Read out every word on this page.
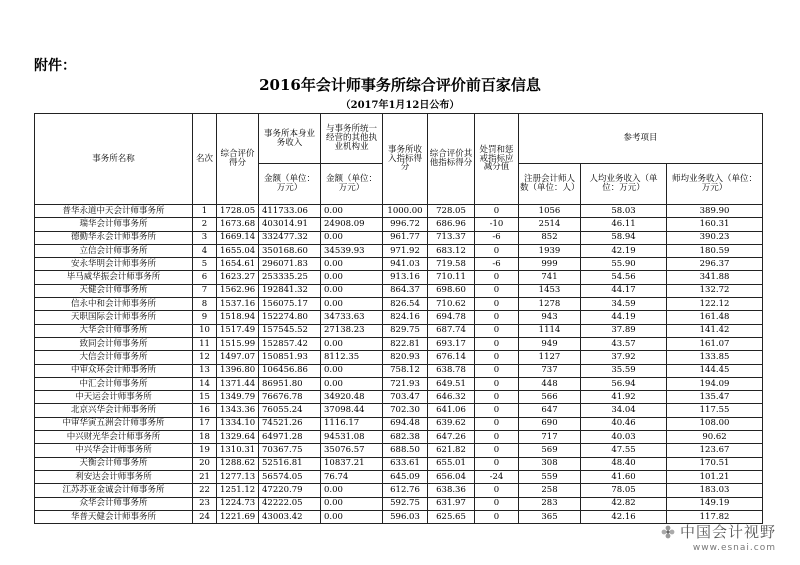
附件：
2016年会计师事务所综合评价前百家信息
（2017年1月12日公布）
事务所名称	名次	综合评价得分	事务所本身业务收入	与事务所统一经营的其他执业机构业	事务所收入指标得分	综合评价其他指标得分	处罚和惩戒指标应减分值	参考项目		
			金额（单位：万元）	金额（单位：万元）				注册会计师人数（单位：人）	人均业务收入（单位：万元）	师均业务收入（单位：万元）
普华永道中天会计师事务所	1	1728.05	411733.06	0.00	1000.00	728.05	0	1056	58.03	389.90
瑞华会计师事务所	2	1673.68	403014.91	24908.09	996.72	686.96	-10	2514	46.11	160.31
德勤华永会计师事务所	3	1669.14	332477.32	0.00	961.77	713.37	-6	852	58.94	390.23
立信会计师事务所	4	1655.04	350168.60	34539.93	971.92	683.12	0	1939	42.19	180.59
安永华明会计师事务所	5	1654.61	296071.83	0.00	941.03	719.58	-6	999	55.90	296.37
毕马威华振会计师事务所	6	1623.27	253335.25	0.00	913.16	710.11	0	741	54.56	341.88
天健会计师事务所	7	1562.96	192841.32	0.00	864.37	698.60	0	1453	44.17	132.72
信永中和会计师事务所	8	1537.16	156075.17	0.00	826.54	710.62	0	1278	34.59	122.12
天职国际会计师事务所	9	1518.94	152274.80	34733.63	824.16	694.78	0	943	44.19	161.48
大华会计师事务所	10	1517.49	157545.52	27138.23	829.75	687.74	0	1114	37.89	141.42
致同会计师事务所	11	1515.99	152857.42	0.00	822.81	693.17	0	949	43.57	161.07
大信会计师事务所	12	1497.07	150851.93	8112.35	820.93	676.14	0	1127	37.92	133.85
中审众环会计师事务所	13	1396.80	106456.86	0.00	758.12	638.78	0	737	35.59	144.45
中汇会计师事务所	14	1371.44	86951.80	0.00	721.93	649.51	0	448	56.94	194.09
中天运会计师事务所	15	1349.79	76676.78	34920.48	703.47	646.32	0	566	41.92	135.47
北京兴华会计师事务所	16	1343.36	76055.24	37098.44	702.30	641.06	0	647	34.04	117.55
中审华寅五洲会计师事务所	17	1334.10	74521.26	1116.17	694.48	639.62	0	690	40.46	108.00
中兴财光华会计师事务所	18	1329.64	64971.28	94531.08	682.38	647.26	0	717	40.03	90.62
中兴华会计师事务所	19	1310.31	70367.75	35076.57	688.50	621.82	0	569	47.55	123.67
天衡会计师事务所	20	1288.62	52516.81	10837.21	633.61	655.01	0	308	48.40	170.51
利安达会计师事务所	21	1277.13	56574.05	76.74	645.09	656.04	-24	559	41.60	101.21
江苏苏亚金诚会计师事务所	22	1251.12	47220.79	0.00	612.76	638.36	0	258	78.05	183.03
众华会计师事务所	23	1224.73	42222.05	0.00	592.75	631.97	0	283	42.82	149.19
华普天健会计师事务所	24	1221.69	43003.42	0.00	596.03	625.65	0	365	42.16	117.82
中国会计视野
www.esnai.com
